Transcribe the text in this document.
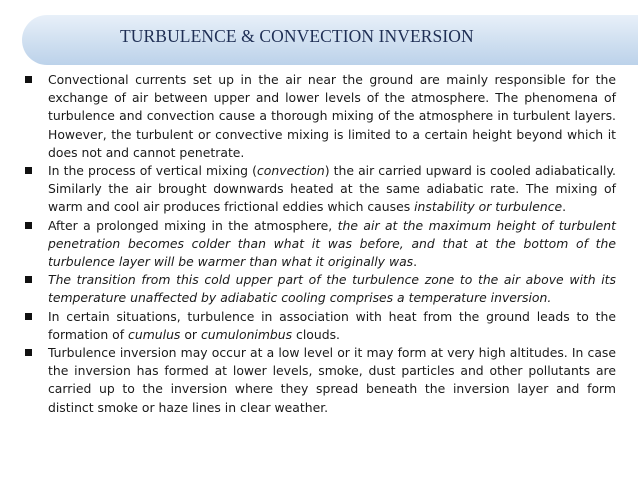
TURBULENCE & CONVECTION INVERSION
Convectional currents set up in the air near the ground are mainly responsible for the exchange of air between upper and lower levels of the atmosphere. The phenomena of turbulence and convection cause a thorough mixing of the atmosphere in turbulent layers. However, the turbulent or convective mixing is limited to a certain height beyond which it does not and cannot penetrate.
In the process of vertical mixing (convection) the air carried upward is cooled adiabatically. Similarly the air brought downwards heated at the same adiabatic rate. The mixing of warm and cool air produces frictional eddies which causes instability or turbulence.
After a prolonged mixing in the atmosphere, the air at the maximum height of turbulent penetration becomes colder than what it was before, and that at the bottom of the turbulence layer will be warmer than what it originally was.
The transition from this cold upper part of the turbulence zone to the air above with its temperature unaffected by adiabatic cooling comprises a temperature inversion.
In certain situations, turbulence in association with heat from the ground leads to the formation of cumulus or cumulonimbus clouds.
Turbulence inversion may occur at a low level or it may form at very high altitudes. In case the inversion has formed at lower levels, smoke, dust particles and other pollutants are carried up to the inversion where they spread beneath the inversion layer and form distinct smoke or haze lines in clear weather.
